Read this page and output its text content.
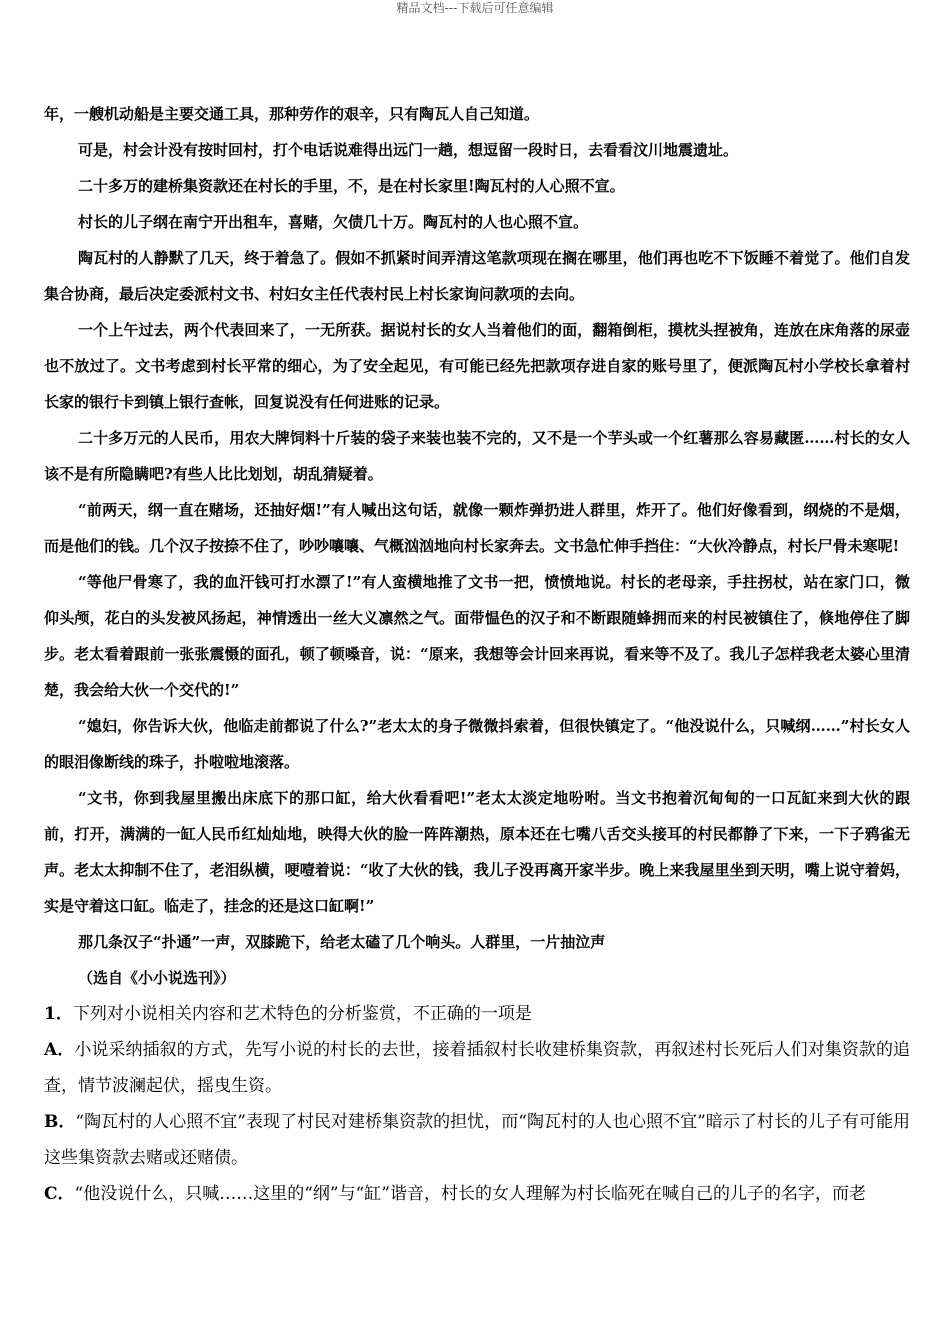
精品文档---下载后可任意编辑

年，一艘机动船是主要交通工具，那种劳作的艰辛，只有陶瓦人自己知道。

可是，村会计没有按时回村，打个电话说难得出远门一趟，想逗留一段时日，去看看汶川地震遗址。

二十多万的建桥集资款还在村长的手里，不，是在村长家里!陶瓦村的人心照不宣。

村长的儿子纲在南宁开出租车，喜赌，欠债几十万。陶瓦村的人也心照不宣。

陶瓦村的人静默了几天，终于着急了。假如不抓紧时间弄清这笔款项现在搁在哪里，他们再也吃不下饭睡不着觉了。他们自发集合协商，最后决定委派村文书、村妇女主任代表村民上村长家询问款项的去向。

一个上午过去，两个代表回来了，一无所获。据说村长的女人当着他们的面，翻箱倒柜，摸枕头捏被角，连放在床角落的尿壶也不放过了。文书考虑到村长平常的细心，为了安全起见，有可能已经先把款项存进自家的账号里了，便派陶瓦村小学校长拿着村长家的银行卡到镇上银行查帐，回复说没有任何进账的记录。

二十多万元的人民币，用农大牌饲料十斤装的袋子来装也装不完的，又不是一个芋头或一个红薯那么容易藏匿……村长的女人该不是有所隐瞒吧?有些人比比划划，胡乱猜疑着。

“前两天，纲一直在赌场，还抽好烟!”有人喊出这句话，就像一颗炸弹扔进人群里，炸开了。他们好像看到，纲烧的不是烟，而是他们的钱。几个汉子按捺不住了，吵吵嚷嚷、气概汹汹地向村长家奔去。文书急忙伸手挡住：“大伙冷静点，村长尸骨未寒呢!

“等他尸骨寒了，我的血汗钱可打水漂了!”有人蛮横地推了文书一把，愤愤地说。村长的老母亲，手拄拐杖，站在家门口，微仰头颅，花白的头发被风扬起，神情透出一丝大义凛然之气。面带愠色的汉子和不断跟随蜂拥而来的村民被镇住了，倏地停住了脚步。老太看着跟前一张张震慑的面孔，顿了顿嗓音，说：“原来，我想等会计回来再说，看来等不及了。我儿子怎样我老太婆心里清楚，我会给大伙一个交代的!”

“媳妇，你告诉大伙，他临走前都说了什么?”老太太的身子微微抖索着，但很快镇定了。“他没说什么，只喊纲……”村长女人的眼泪像断线的珠子，扑啦啦地滚落。

“文书，你到我屋里搬出床底下的那口缸，给大伙看看吧!”老太太淡定地吩咐。当文书抱着沉甸甸的一口瓦缸来到大伙的跟前，打开，满满的一缸人民币红灿灿地，映得大伙的脸一阵阵潮热，原本还在七嘴八舌交头接耳的村民都静了下来，一下子鸦雀无声。老太太抑制不住了，老泪纵横，哽噎着说：“收了大伙的钱，我儿子没再离开家半步。晚上来我屋里坐到天明，嘴上说守着妈，实是守着这口缸。临走了，挂念的还是这口缸啊!”

那几条汉子“扑通”一声，双膝跪下，给老太磕了几个响头。人群里，一片抽泣声

（选自《小小说选刊》）

1．下列对小说相关内容和艺术特色的分析鉴赏，不正确的一项是

A．小说采纳插叙的方式，先写小说的村长的去世，接着插叙村长收建桥集资款，再叙述村长死后人们对集资款的追查，情节波澜起伏，摇曳生资。

B．“陶瓦村的人心照不宜”表现了村民对建桥集资款的担忧，而“陶瓦村的人也心照不宜”暗示了村长的儿子有可能用这些集资款去赌或还赌债。

C．“他没说什么，只喊……这里的“纲”与“缸”谐音，村长的女人理解为村长临死在喊自己的儿子的名字，而老
